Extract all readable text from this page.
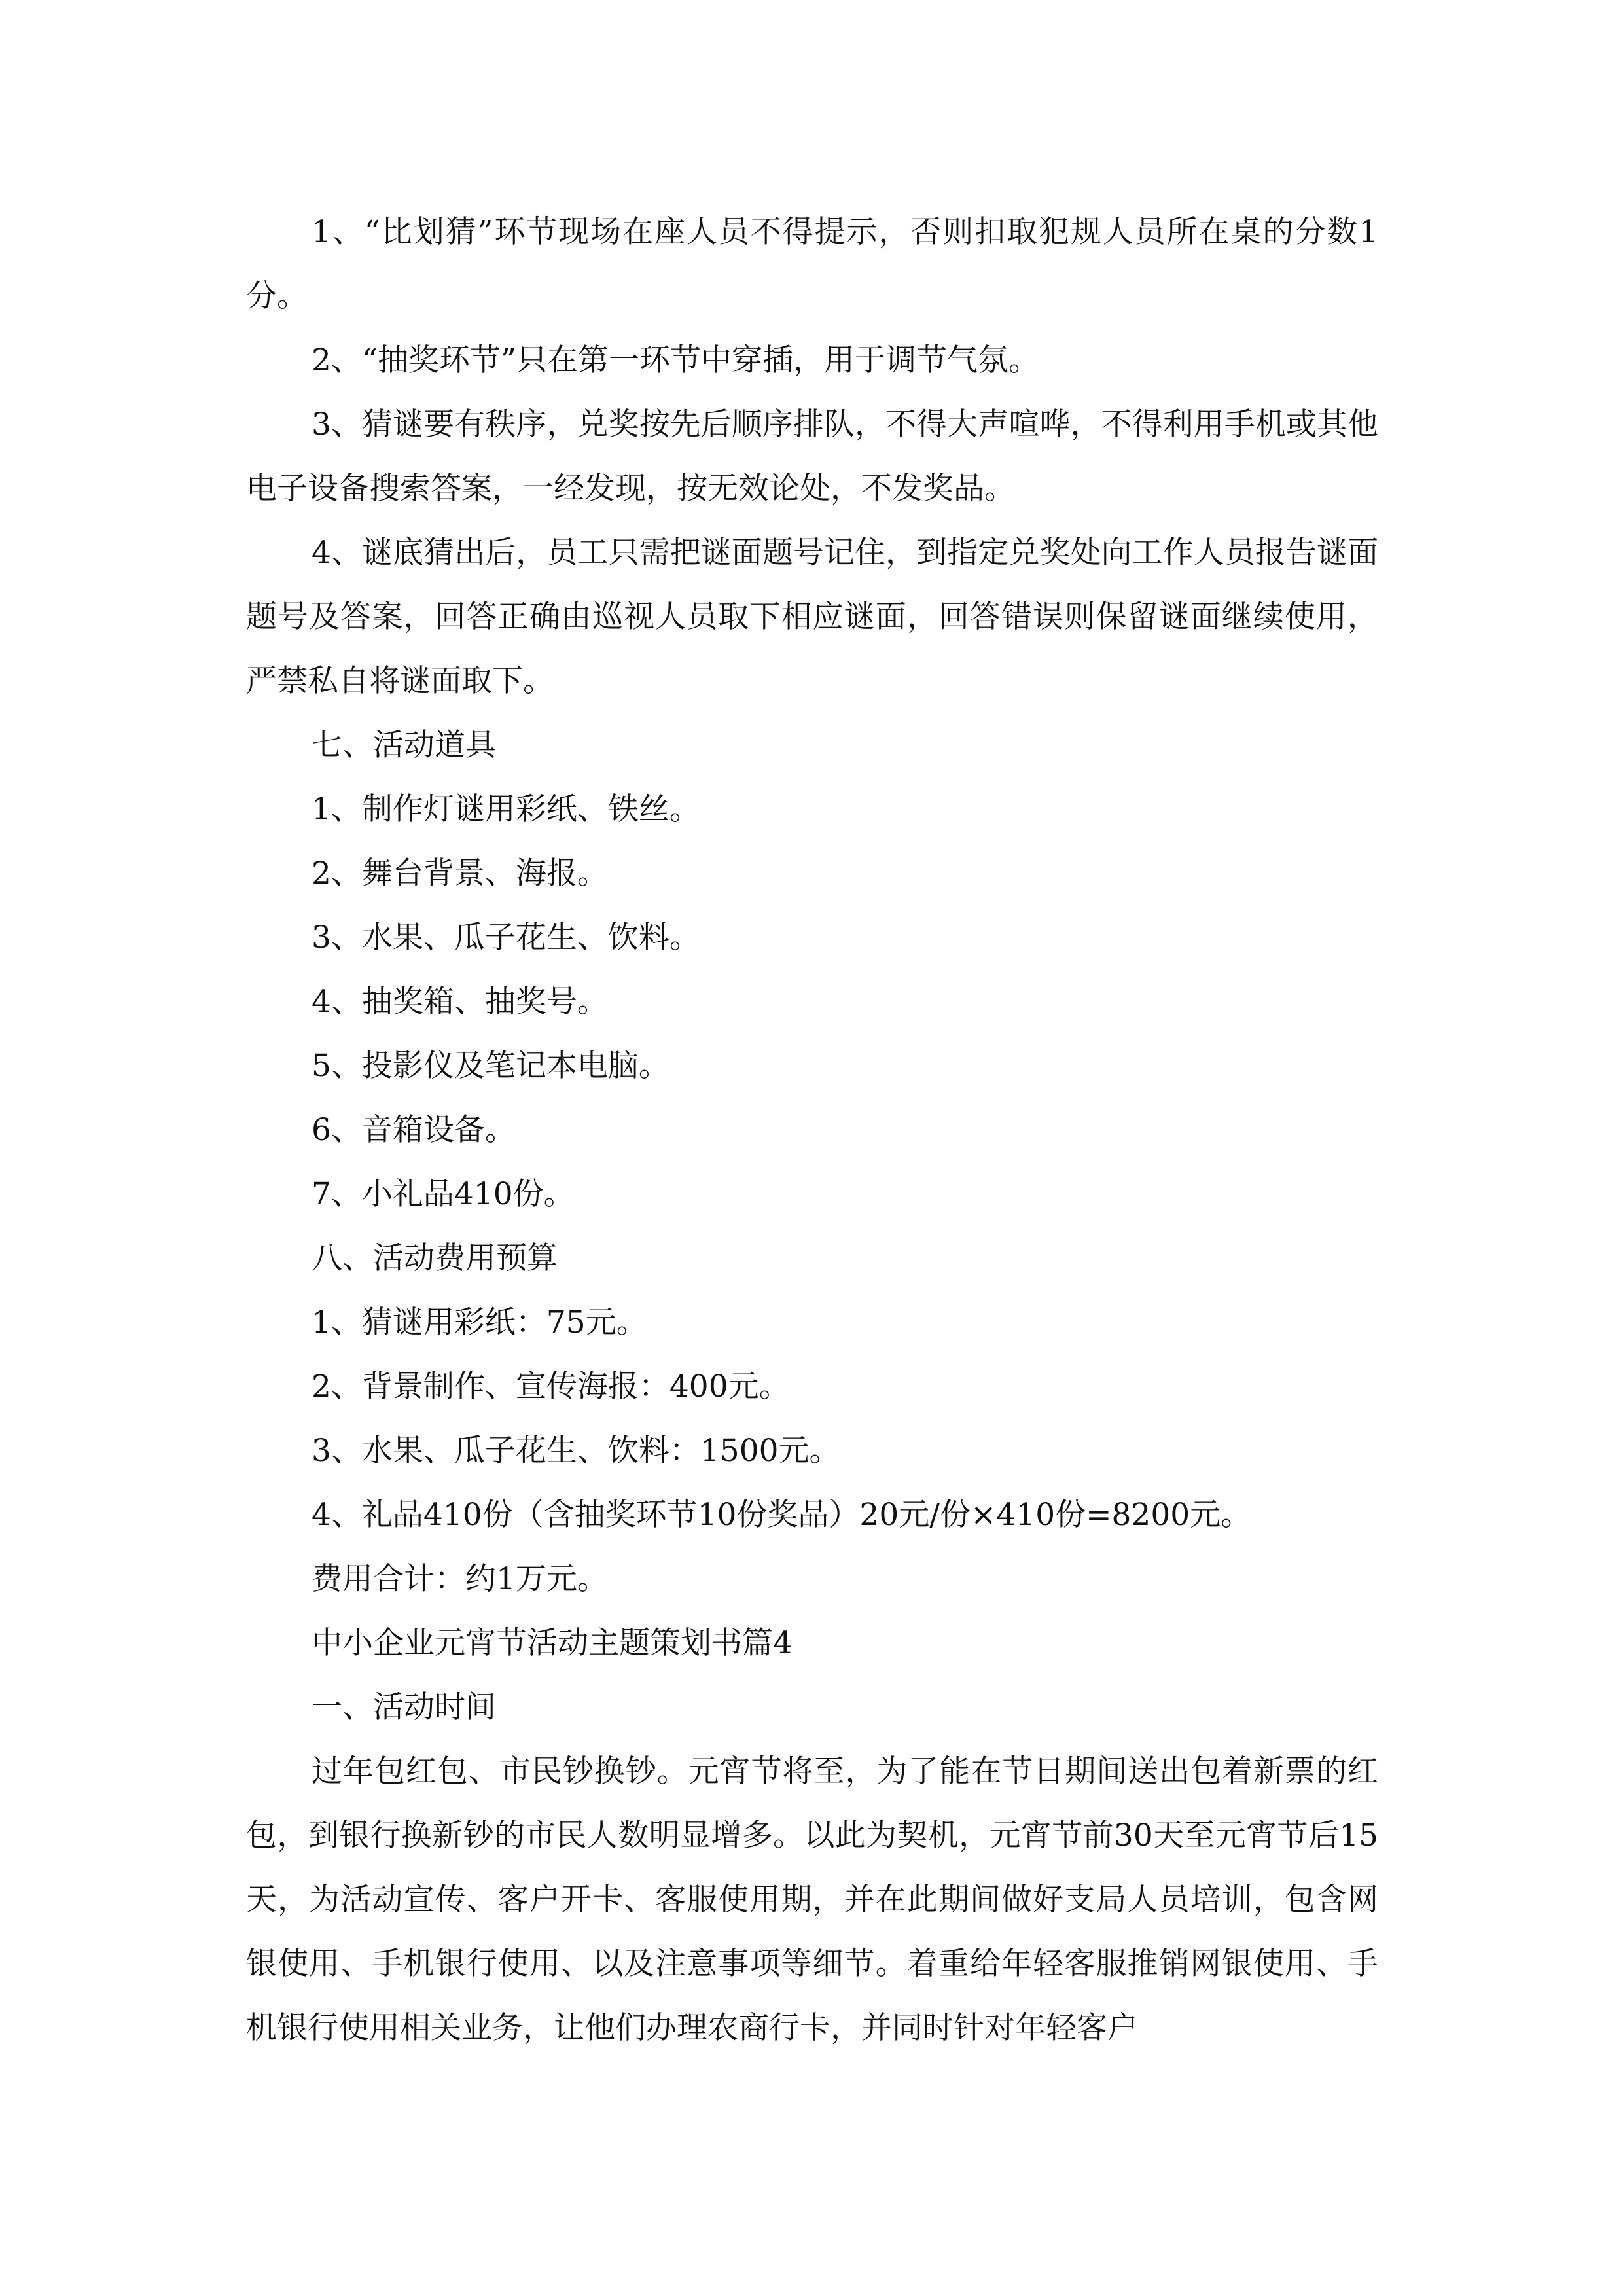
1、“比划猜”环节现场在座人员不得提示，否则扣取犯规人员所在桌的分数1分。

2、“抽奖环节”只在第一环节中穿插，用于调节气氛。

3、猜谜要有秩序，兑奖按先后顺序排队，不得大声喧哗，不得利用手机或其他电子设备搜索答案，一经发现，按无效论处，不发奖品。

4、谜底猜出后，员工只需把谜面题号记住，到指定兑奖处向工作人员报告谜面题号及答案，回答正确由巡视人员取下相应谜面，回答错误则保留谜面继续使用，严禁私自将谜面取下。

七、活动道具

1、制作灯谜用彩纸、铁丝。

2、舞台背景、海报。

3、水果、瓜子花生、饮料。

4、抽奖箱、抽奖号。

5、投影仪及笔记本电脑。

6、音箱设备。

7、小礼品410份。

八、活动费用预算

1、猜谜用彩纸：75元。

2、背景制作、宣传海报：400元。

3、水果、瓜子花生、饮料：1500元。

4、礼品410份（含抽奖环节10份奖品）20元/份×410份=8200元。

费用合计：约1万元。

中小企业元宵节活动主题策划书篇4

一、活动时间

过年包红包、市民钞换钞。元宵节将至，为了能在节日期间送出包着新票的红包，到银行换新钞的市民人数明显增多。以此为契机，元宵节前30天至元宵节后15天，为活动宣传、客户开卡、客服使用期，并在此期间做好支局人员培训，包含网银使用、手机银行使用、以及注意事项等细节。着重给年轻客服推销网银使用、手机银行使用相关业务，让他们办理农商行卡，并同时针对年轻客户
